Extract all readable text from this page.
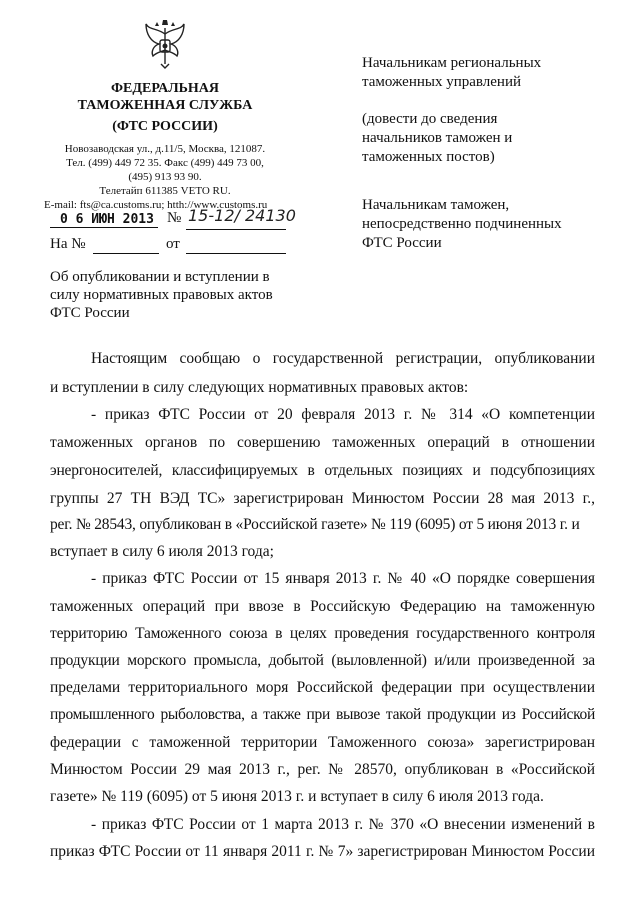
ФЕДЕРАЛЬНАЯ
ТАМОЖЕННАЯ СЛУЖБА
(ФТС РОССИИ)
Новозаводская ул., д.11/5, Москва, 121087.
Тел. (499) 449 72 35. Факс (499) 449 73 00,
(495) 913 93 90.
Телетайп 611385 VETO RU.
E-mail: fts@ca.customs.ru; htth://www.customs.ru
0 6 ИЮН 2013 № 15-12/ 24130
На №	от
Начальникам региональных
таможенных управлений
(довести до сведения
начальников таможен и
таможенных постов)
Начальникам таможен,
непосредственно подчиненных
ФТС России
Об опубликовании и вступлении в
силу нормативных правовых актов
ФТС России
Настоящим сообщаю о государственной регистрации, опубликовании
и вступлении в силу следующих нормативных правовых актов:
- приказ ФТС России от 20 февраля 2013 г. № 314 «О компетенции
таможенных органов по совершению таможенных операций в отношении
энергоносителей, классифицируемых в отдельных позициях и подсубпозициях
группы 27 ТН ВЭД ТС» зарегистрирован Минюстом России 28 мая 2013 г.,
рег. № 28543, опубликован в «Российской газете» № 119 (6095) от 5 июня 2013 г. и
вступает в силу 6 июля 2013 года;
- приказ ФТС России от 15 января 2013 г. № 40 «О порядке совершения
таможенных операций при ввозе в Российскую Федерацию на таможенную
территорию Таможенного союза в целях проведения государственного контроля
продукции морского промысла, добытой (выловленной) и/или произведенной за
пределами территориального моря Российской федерации при осуществлении
промышленного рыболовства, а также при вывозе такой продукции из Российской
федерации с таможенной территории Таможенного союза» зарегистрирован
Минюстом России 29 мая 2013 г., рег. № 28570, опубликован в «Российской
газете» № 119 (6095) от 5 июня 2013 г. и вступает в силу 6 июля 2013 года.
- приказ ФТС России от 1 марта 2013 г. № 370 «О внесении изменений в
приказ ФТС России от 11 января 2011 г. № 7» зарегистрирован Минюстом России
